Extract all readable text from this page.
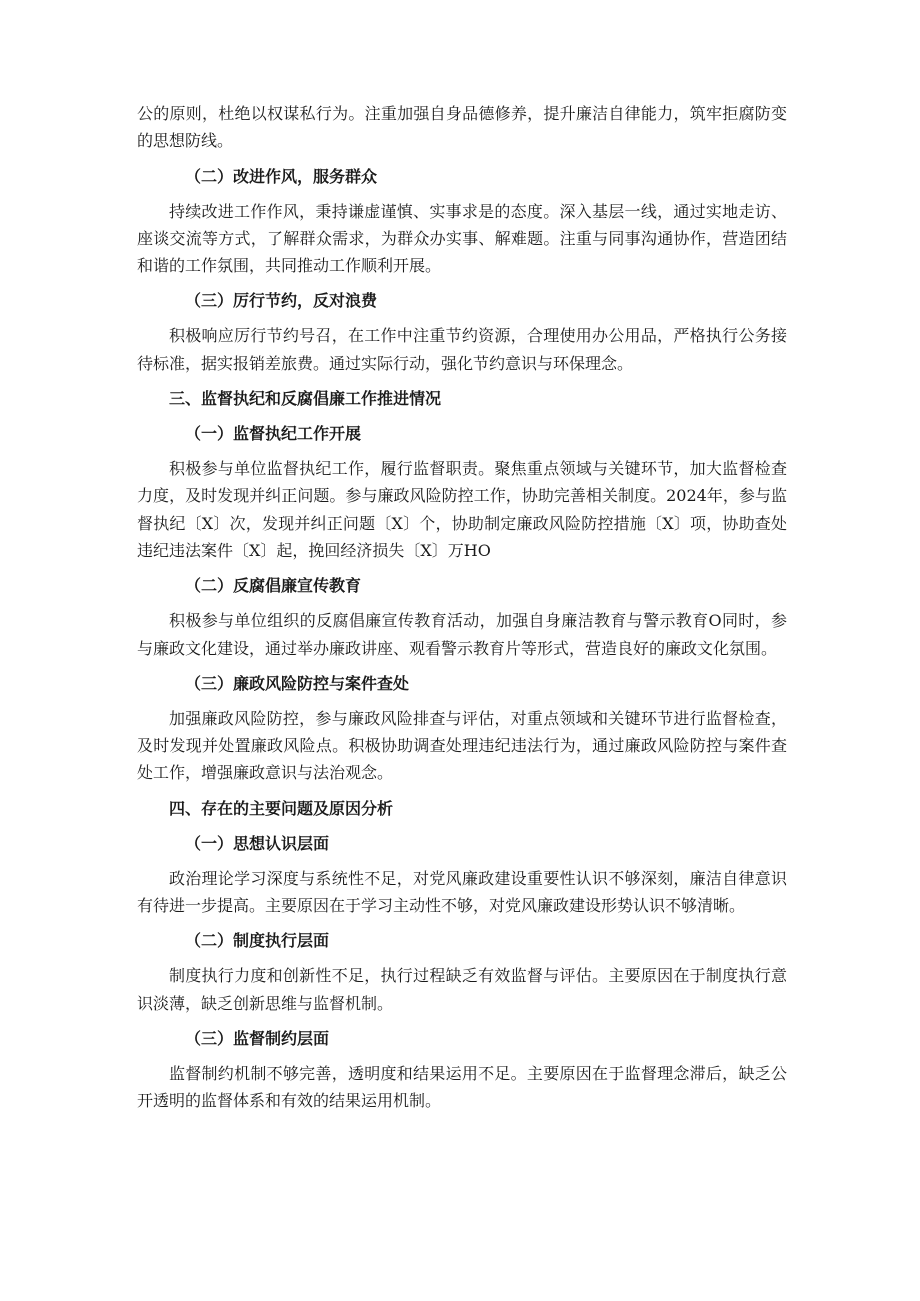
公的原则，杜绝以权谋私行为。注重加强自身品德修养，提升廉洁自律能力，筑牢拒腐防变的思想防线。

（二）改进作风，服务群众

持续改进工作作风，秉持谦虚谨慎、实事求是的态度。深入基层一线，通过实地走访、座谈交流等方式，了解群众需求，为群众办实事、解难题。注重与同事沟通协作，营造团结和谐的工作氛围，共同推动工作顺利开展。

（三）厉行节约，反对浪费

积极响应厉行节约号召，在工作中注重节约资源，合理使用办公用品，严格执行公务接待标准，据实报销差旅费。通过实际行动，强化节约意识与环保理念。

三、监督执纪和反腐倡廉工作推进情况
（一）监督执纪工作开展

积极参与单位监督执纪工作，履行监督职责。聚焦重点领域与关键环节，加大监督检查力度，及时发现并纠正问题。参与廉政风险防控工作，协助完善相关制度。2024年，参与监督执纪〔X〕次，发现并纠正问题〔X〕个，协助制定廉政风险防控措施〔X〕项，协助查处违纪违法案件〔X〕起，挽回经济损失〔X〕万HO

（二）反腐倡廉宣传教育

积极参与单位组织的反腐倡廉宣传教育活动，加强自身廉洁教育与警示教育O同时，参与廉政文化建设，通过举办廉政讲座、观看警示教育片等形式，营造良好的廉政文化氛围。

（三）廉政风险防控与案件查处

加强廉政风险防控，参与廉政风险排查与评估，对重点领域和关键环节进行监督检查，及时发现并处置廉政风险点。积极协助调查处理违纪违法行为，通过廉政风险防控与案件查处工作，增强廉政意识与法治观念。

四、存在的主要问题及原因分析
（一）思想认识层面

政治理论学习深度与系统性不足，对党风廉政建设重要性认识不够深刻，廉洁自律意识有待进一步提高。主要原因在于学习主动性不够，对党风廉政建设形势认识不够清晰。

（二）制度执行层面

制度执行力度和创新性不足，执行过程缺乏有效监督与评估。主要原因在于制度执行意识淡薄，缺乏创新思维与监督机制。

（三）监督制约层面

监督制约机制不够完善，透明度和结果运用不足。主要原因在于监督理念滞后，缺乏公开透明的监督体系和有效的结果运用机制。
